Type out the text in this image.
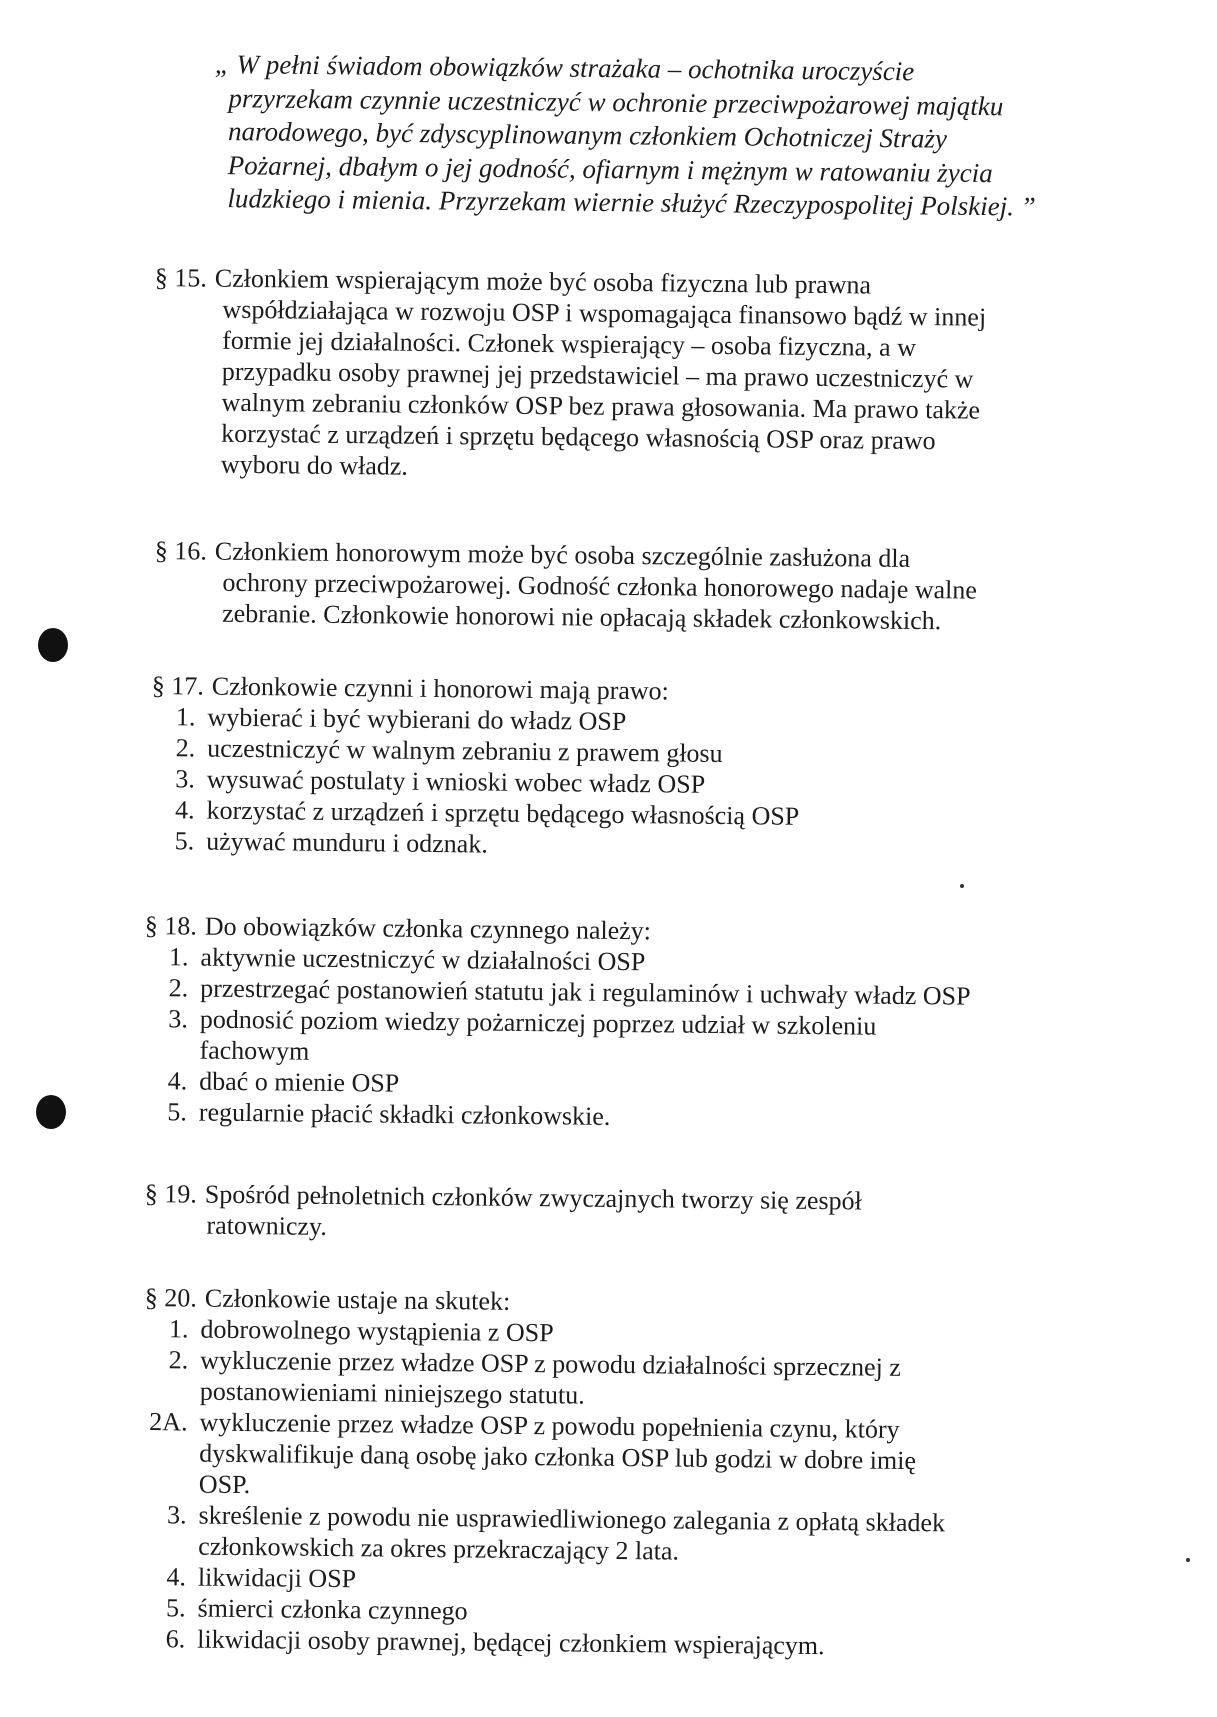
„ W pełni świadom obowiązków strażaka – ochotnika uroczyście
przyrzekam czynnie uczestniczyć w ochronie przeciwpożarowej majątku
narodowego, być zdyscyplinowanym członkiem Ochotniczej Straży
Pożarnej, dbałym o jej godność, ofiarnym i mężnym w ratowaniu życia
ludzkiego i mienia. Przyrzekam wiernie służyć Rzeczypospolitej Polskiej. ”
§ 15. Członkiem wspierającym może być osoba fizyczna lub prawna
współdziałająca w rozwoju OSP i wspomagająca finansowo bądź w innej
formie jej działalności. Członek wspierający – osoba fizyczna, a w
przypadku osoby prawnej jej przedstawiciel – ma prawo uczestniczyć w
walnym zebraniu członków OSP bez prawa głosowania. Ma prawo także
korzystać z urządzeń i sprzętu będącego własnością OSP oraz prawo
wyboru do władz.
§ 16. Członkiem honorowym może być osoba szczególnie zasłużona dla
ochrony przeciwpożarowej. Godność członka honorowego nadaje walne
zebranie. Członkowie honorowi nie opłacają składek członkowskich.
§ 17. Członkowie czynni i honorowi mają prawo:
1. wybierać i być wybierani do władz OSP
2. uczestniczyć w walnym zebraniu z prawem głosu
3. wysuwać postulaty i wnioski wobec władz OSP
4. korzystać z urządzeń i sprzętu będącego własnością OSP
5. używać munduru i odznak.
§ 18. Do obowiązków członka czynnego należy:
1. aktywnie uczestniczyć w działalności OSP
2. przestrzegać postanowień statutu jak i regulaminów i uchwały władz OSP
3. podnosić poziom wiedzy pożarniczej poprzez udział w szkoleniu
fachowym
4. dbać o mienie OSP
5. regularnie płacić składki członkowskie.
§ 19. Spośród pełnoletnich członków zwyczajnych tworzy się zespół
ratowniczy.
§ 20. Członkowie ustaje na skutek:
1. dobrowolnego wystąpienia z OSP
2. wykluczenie przez władze OSP z powodu działalności sprzecznej z
postanowieniami niniejszego statutu.
2A. wykluczenie przez władze OSP z powodu popełnienia czynu, który
dyskwalifikuje daną osobę jako członka OSP lub godzi w dobre imię
OSP.
3. skreślenie z powodu nie usprawiedliwionego zalegania z opłatą składek
członkowskich za okres przekraczający 2 lata.
4. likwidacji OSP
5. śmierci członka czynnego
6. likwidacji osoby prawnej, będącej członkiem wspierającym.
